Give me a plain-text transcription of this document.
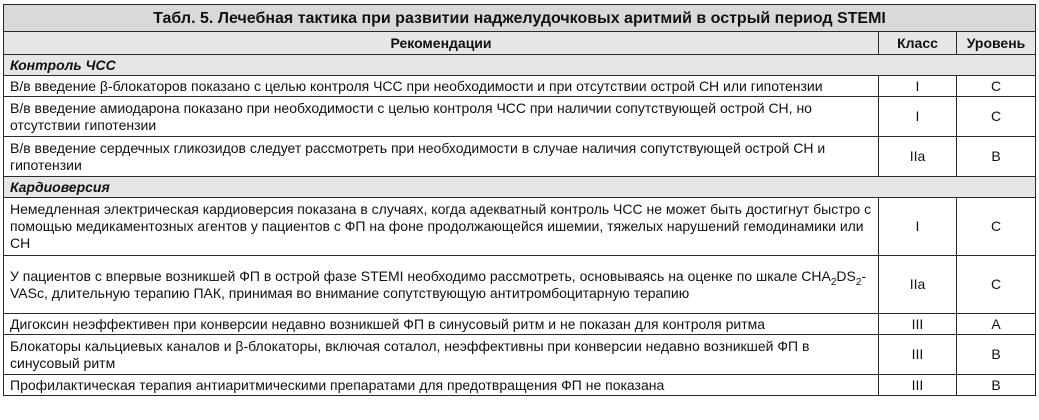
Табл. 5. Лечебная тактика при развитии наджелудочковых аритмий в острый период STEMI		
Рекомендации	Класс	Уровень
Контроль ЧСС		
В/в введение β-блокаторов показано с целью контроля ЧСС при необходимости и при отсутствии острой СН или гипотензии	I	C
В/в введение амиодарона показано при необходимости с целью контроля ЧСС при наличии сопутствующей острой СН, но отсутствии гипотензии	I	C
В/в введение сердечных гликозидов следует рассмотреть при необходимости в случае наличия сопутствующей острой СН и гипотензии	IIa	B
Кардиоверсия		
Немедленная электрическая кардиоверсия показана в случаях, когда адекватный контроль ЧСС не может быть достигнут быстро с помощью медикаментозных агентов у пациентов с ФП на фоне продолжающейся ишемии, тяжелых нарушений гемодинамики или СН	I	C
У пациентов с впервые возникшей ФП в острой фазе STEMI необходимо рассмотреть, основываясь на оценке по шкале $CHA_2DS_2$-VASc, длительную терапию ПАК, принимая во внимание сопутствующую антитромбоцитарную терапию	IIa	C
Дигоксин неэффективен при конверсии недавно возникшей ФП в синусовый ритм и не показан для контроля ритма	III	A
Блокаторы кальциевых каналов и β-блокаторы, включая соталол, неэффективны при конверсии недавно возникшей ФП в синусовый ритм	III	B
Профилактическая терапия антиаритмическими препаратами для предотвращения ФП не показана	III	B
